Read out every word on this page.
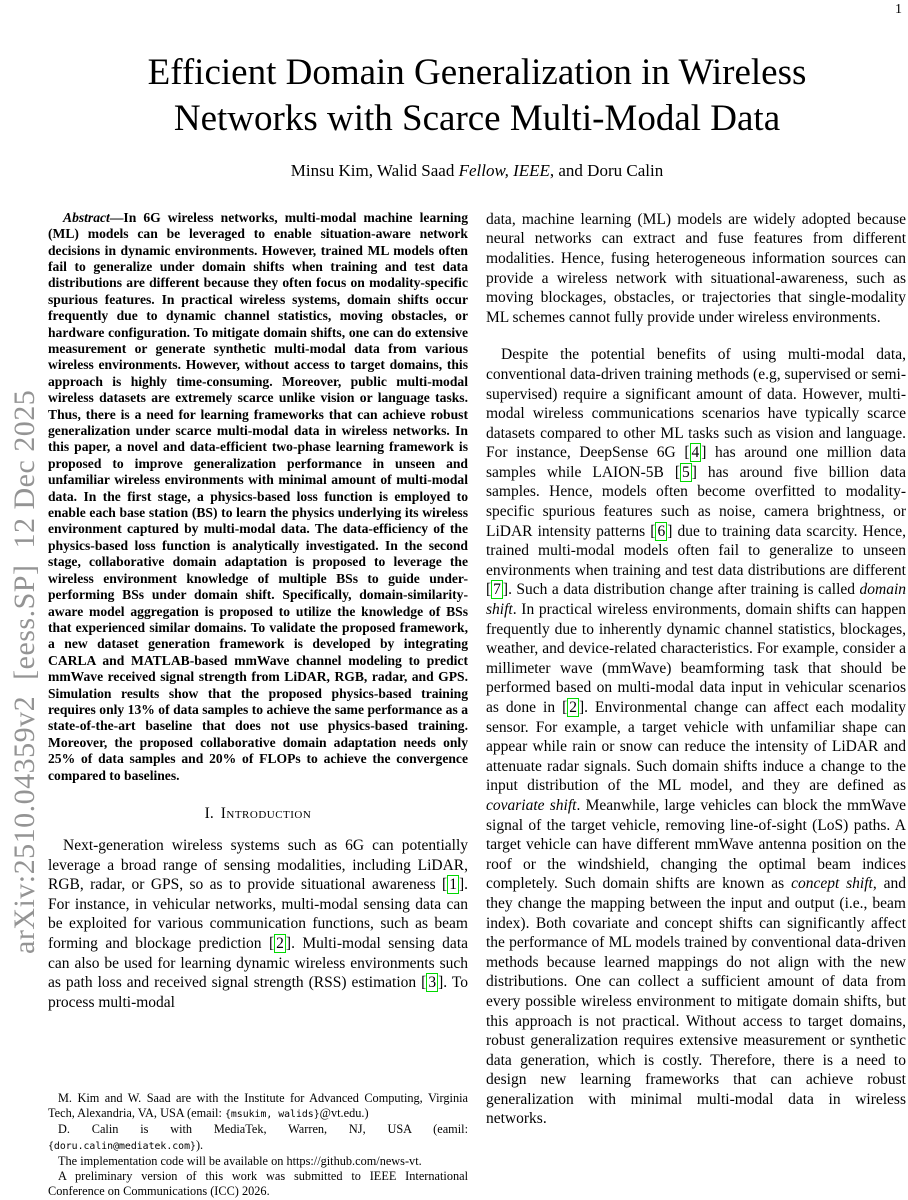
1
arXiv:2510.04359v2  [eess.SP]  12 Dec 2025
Efficient Domain Generalization in Wireless
Networks with Scarce Multi-Modal Data
Minsu Kim, Walid Saad Fellow, IEEE, and Doru Calin

Abstract—In 6G wireless networks, multi-modal machine learning (ML) models can be leveraged to enable situation-aware network decisions in dynamic environments. However, trained ML models often fail to generalize under domain shifts when training and test data distributions are different because they often focus on modality-specific spurious features. In practical wireless systems, domain shifts occur frequently due to dynamic channel statistics, moving obstacles, or hardware configuration. To mitigate domain shifts, one can do extensive measurement or generate synthetic multi-modal data from various wireless environments. However, without access to target domains, this approach is highly time-consuming. Moreover, public multi-modal wireless datasets are extremely scarce unlike vision or language tasks. Thus, there is a need for learning frameworks that can achieve robust generalization under scarce multi-modal data in wireless networks. In this paper, a novel and data-efficient two-phase learning framework is proposed to improve generalization performance in unseen and unfamiliar wireless environments with minimal amount of multi-modal data. In the first stage, a physics-based loss function is employed to enable each base station (BS) to learn the physics underlying its wireless environment captured by multi-modal data. The data-efficiency of the physics-based loss function is analytically investigated. In the second stage, collaborative domain adaptation is proposed to leverage the wireless environment knowledge of multiple BSs to guide under-performing BSs under domain shift. Specifically, domain-similarity-aware model aggregation is proposed to utilize the knowledge of BSs that experienced similar domains. To validate the proposed framework, a new dataset generation framework is developed by integrating CARLA and MATLAB-based mmWave channel modeling to predict mmWave received signal strength from LiDAR, RGB, radar, and GPS. Simulation results show that the proposed physics-based training requires only 13% of data samples to achieve the same performance as a state-of-the-art baseline that does not use physics-based training. Moreover, the proposed collaborative domain adaptation needs only 25% of data samples and 20% of FLOPs to achieve the convergence compared to baselines.

I. Introduction

Next-generation wireless systems such as 6G can potentially leverage a broad range of sensing modalities, including LiDAR, RGB, radar, or GPS, so as to provide situational awareness [ 1 ]. For instance, in vehicular networks, multi-modal sensing data can be exploited for various communication functions, such as beam forming and blockage prediction [ 2 ]. Multi-modal sensing data can also be used for learning dynamic wireless environments such as path loss and received signal strength (RSS) estimation [ 3 ]. To process multi-modal

M. Kim and W. Saad are with the Institute for Advanced Computing, Virginia Tech, Alexandria, VA, USA (email: {msukim, walids}@vt.edu.)

D. Calin is with MediaTek, Warren, NJ, USA (eamil: {doru.calin@mediatek.com}).

The implementation code will be available on https://github.com/news-vt.

A preliminary version of this work was submitted to IEEE International Conference on Communications (ICC) 2026.

data, machine learning (ML) models are widely adopted because neural networks can extract and fuse features from different modalities. Hence, fusing heterogeneous information sources can provide a wireless network with situational-awareness, such as moving blockages, obstacles, or trajectories that single-modality ML schemes cannot fully provide under wireless environments.

Despite the potential benefits of using multi-modal data, conventional data-driven training methods (e.g, supervised or semi-supervised) require a significant amount of data. However, multi-modal wireless communications scenarios have typically scarce datasets compared to other ML tasks such as vision and language. For instance, DeepSense 6G [ 4 ] has around one million data samples while LAION-5B [ 5 ] has around five billion data samples. Hence, models often become overfitted to modality-specific spurious features such as noise, camera brightness, or LiDAR intensity patterns [ 6 ] due to training data scarcity. Hence, trained multi-modal models often fail to generalize to unseen environments when training and test data distributions are different [ 7 ]. Such a data distribution change after training is called domain shift. In practical wireless environments, domain shifts can happen frequently due to inherently dynamic channel statistics, blockages, weather, and device-related characteristics. For example, consider a millimeter wave (mmWave) beamforming task that should be performed based on multi-modal data input in vehicular scenarios as done in [ 2 ]. Environmental change can affect each modality sensor. For example, a target vehicle with unfamiliar shape can appear while rain or snow can reduce the intensity of LiDAR and attenuate radar signals. Such domain shifts induce a change to the input distribution of the ML model, and they are defined as covariate shift. Meanwhile, large vehicles can block the mmWave signal of the target vehicle, removing line-of-sight (LoS) paths. A target vehicle can have different mmWave antenna position on the roof or the windshield, changing the optimal beam indices completely. Such domain shifts are known as concept shift, and they change the mapping between the input and output (i.e., beam index). Both covariate and concept shifts can significantly affect the performance of ML models trained by conventional data-driven methods because learned mappings do not align with the new distributions. One can collect a sufficient amount of data from every possible wireless environment to mitigate domain shifts, but this approach is not practical. Without access to target domains, robust generalization requires extensive measurement or synthetic data generation, which is costly. Therefore, there is a need to design new learning frameworks that can achieve robust generalization with minimal multi-modal data in wireless networks.
